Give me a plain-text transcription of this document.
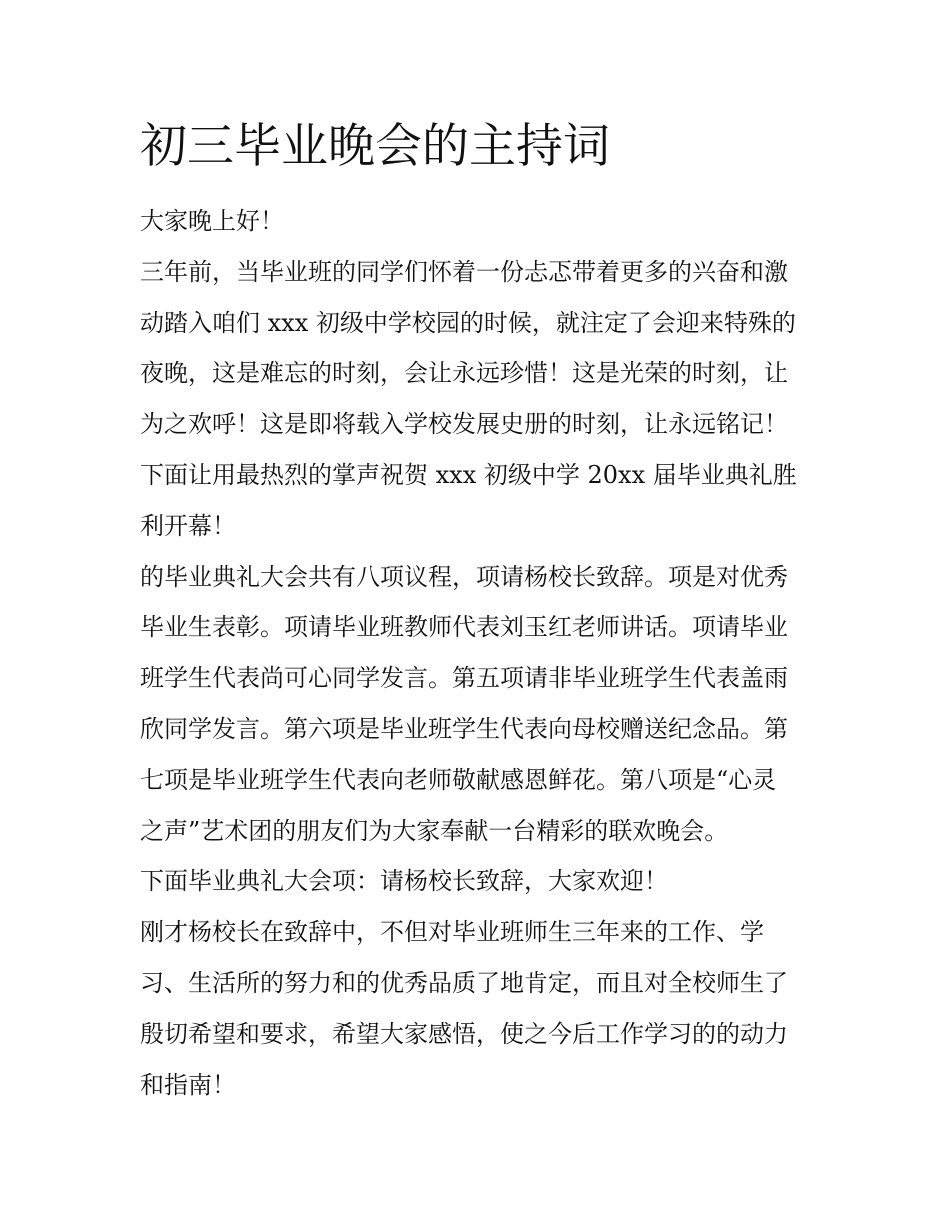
初三毕业晚会的主持词
大家晚上好！
三年前，当毕业班的同学们怀着一份忐忑带着更多的兴奋和激
动踏入咱们 xxx 初级中学校园的时候，就注定了会迎来特殊的
夜晚，这是难忘的时刻，会让永远珍惜！这是光荣的时刻，让
为之欢呼！这是即将载入学校发展史册的时刻，让永远铭记！
下面让用最热烈的掌声祝贺 xxx 初级中学 20xx 届毕业典礼胜
利开幕！
的毕业典礼大会共有八项议程，项请杨校长致辞。项是对优秀
毕业生表彰。项请毕业班教师代表刘玉红老师讲话。项请毕业
班学生代表尚可心同学发言。第五项请非毕业班学生代表盖雨
欣同学发言。第六项是毕业班学生代表向母校赠送纪念品。第
七项是毕业班学生代表向老师敬献感恩鲜花。第八项是“心灵
之声”艺术团的朋友们为大家奉献一台精彩的联欢晚会。
下面毕业典礼大会项：请杨校长致辞，大家欢迎！
刚才杨校长在致辞中，不但对毕业班师生三年来的工作、学
习、生活所的努力和的优秀品质了地肯定，而且对全校师生了
殷切希望和要求，希望大家感悟，使之今后工作学习的的动力
和指南！
